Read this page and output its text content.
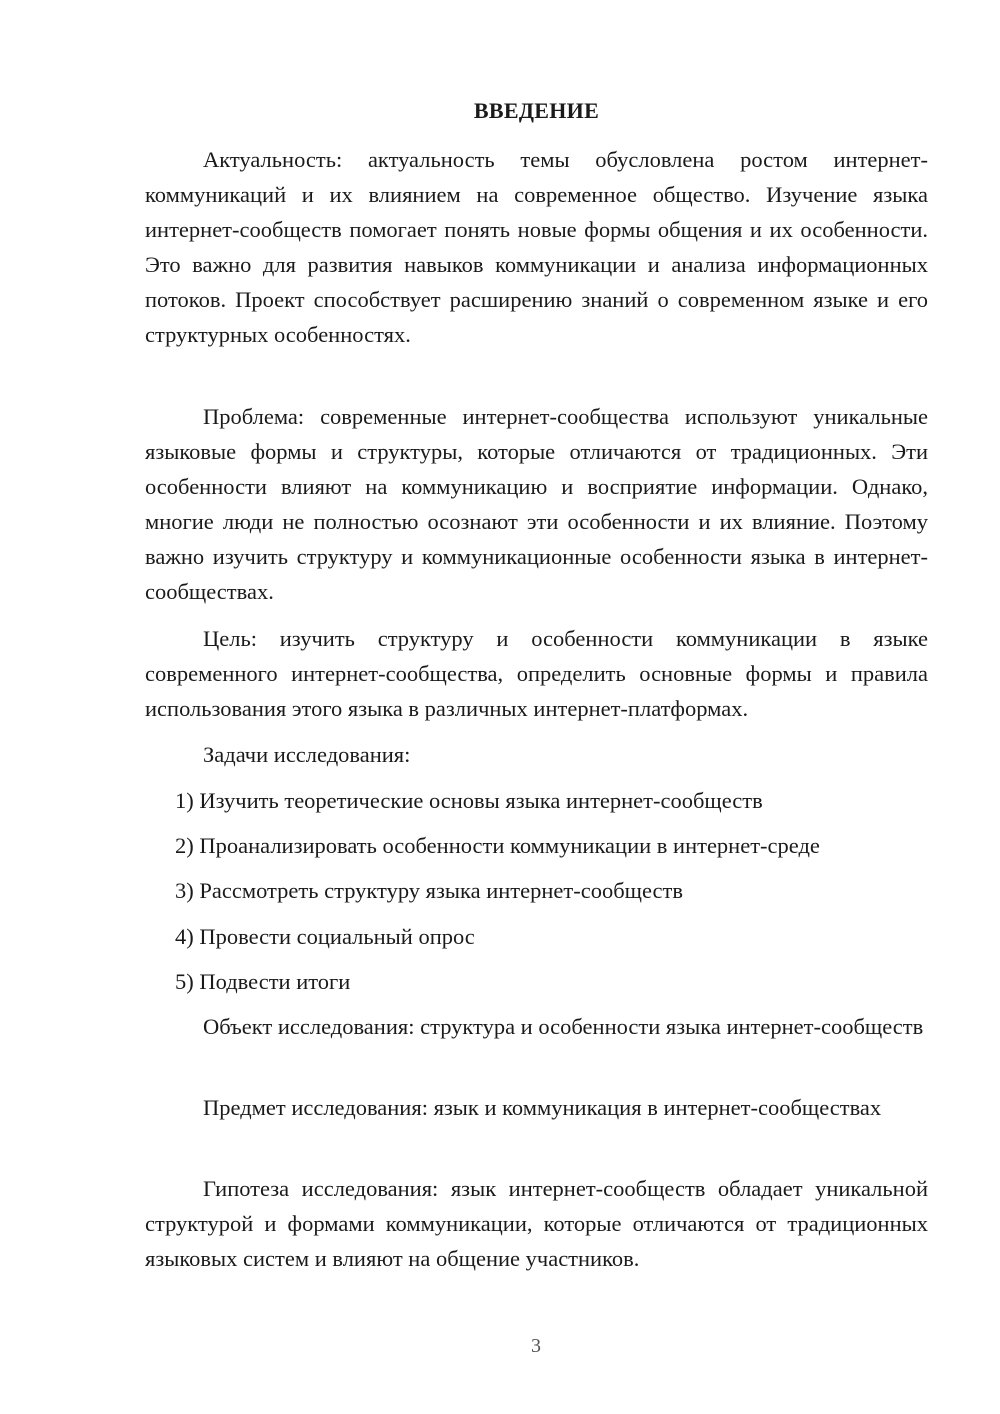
ВВЕДЕНИЕ

Актуальность: актуальность темы обусловлена ростом интернет-коммуникаций и их влиянием на современное общество. Изучение языка интернет-сообществ помогает понять новые формы общения и их особенности. Это важно для развития навыков коммуникации и анализа информационных потоков. Проект способствует расширению знаний о современном языке и его структурных особенностях.

Проблема: современные интернет-сообщества используют уникальные языковые формы и структуры, которые отличаются от традиционных. Эти особенности влияют на коммуникацию и восприятие информации. Однако, многие люди не полностью осознают эти особенности и их влияние. Поэтому важно изучить структуру и коммуникационные особенности языка в интернет-сообществах.

Цель: изучить структуру и особенности коммуникации в языке современного интернет-сообщества, определить основные формы и правила использования этого языка в различных интернет-платформах.

Задачи исследования:

1) Изучить теоретические основы языка интернет-сообществ

2) Проанализировать особенности коммуникации в интернет-среде

3) Рассмотреть структуру языка интернет-сообществ

4) Провести социальный опрос

5) Подвести итоги

Объект исследования: структура и особенности языка интернет-сообществ

Предмет исследования: язык и коммуникация в интернет-сообществах

Гипотеза исследования: язык интернет-сообществ обладает уникальной структурой и формами коммуникации, которые отличаются от традиционных языковых систем и влияют на общение участников.

3
